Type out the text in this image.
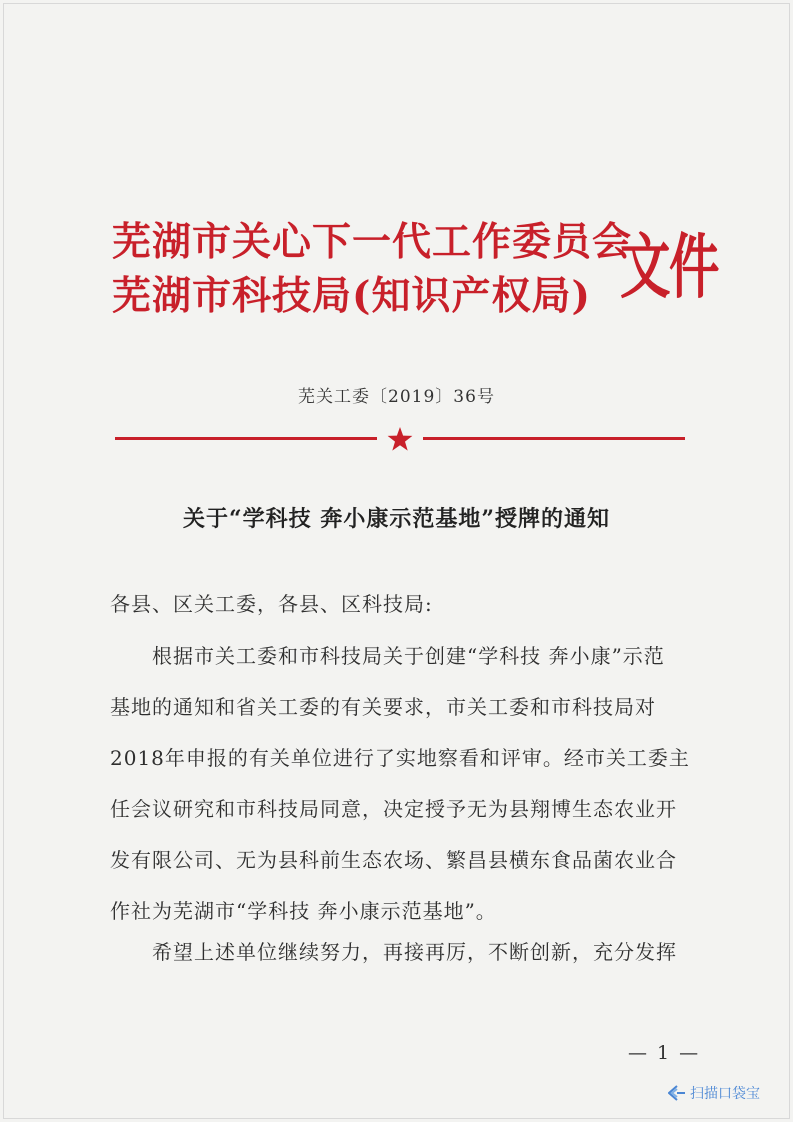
芜湖市关心下一代工作委员会
芜湖市科技局(知识产权局) 文件
芜关工委〔2019〕36号
关于“学科技 奔小康示范基地”授牌的通知
各县、区关工委，各县、区科技局:
根据市关工委和市科技局关于创建“学科技 奔小康”示范
基地的通知和省关工委的有关要求，市关工委和市科技局对
2018年申报的有关单位进行了实地察看和评审。经市关工委主
任会议研究和市科技局同意，决定授予无为县翔博生态农业开
发有限公司、无为县科前生态农场、繁昌县横东食品菌农业合
作社为芜湖市“学科技 奔小康示范基地”。
希望上述单位继续努力，再接再厉，不断创新，充分发挥
— 1 —
扫描口袋宝
